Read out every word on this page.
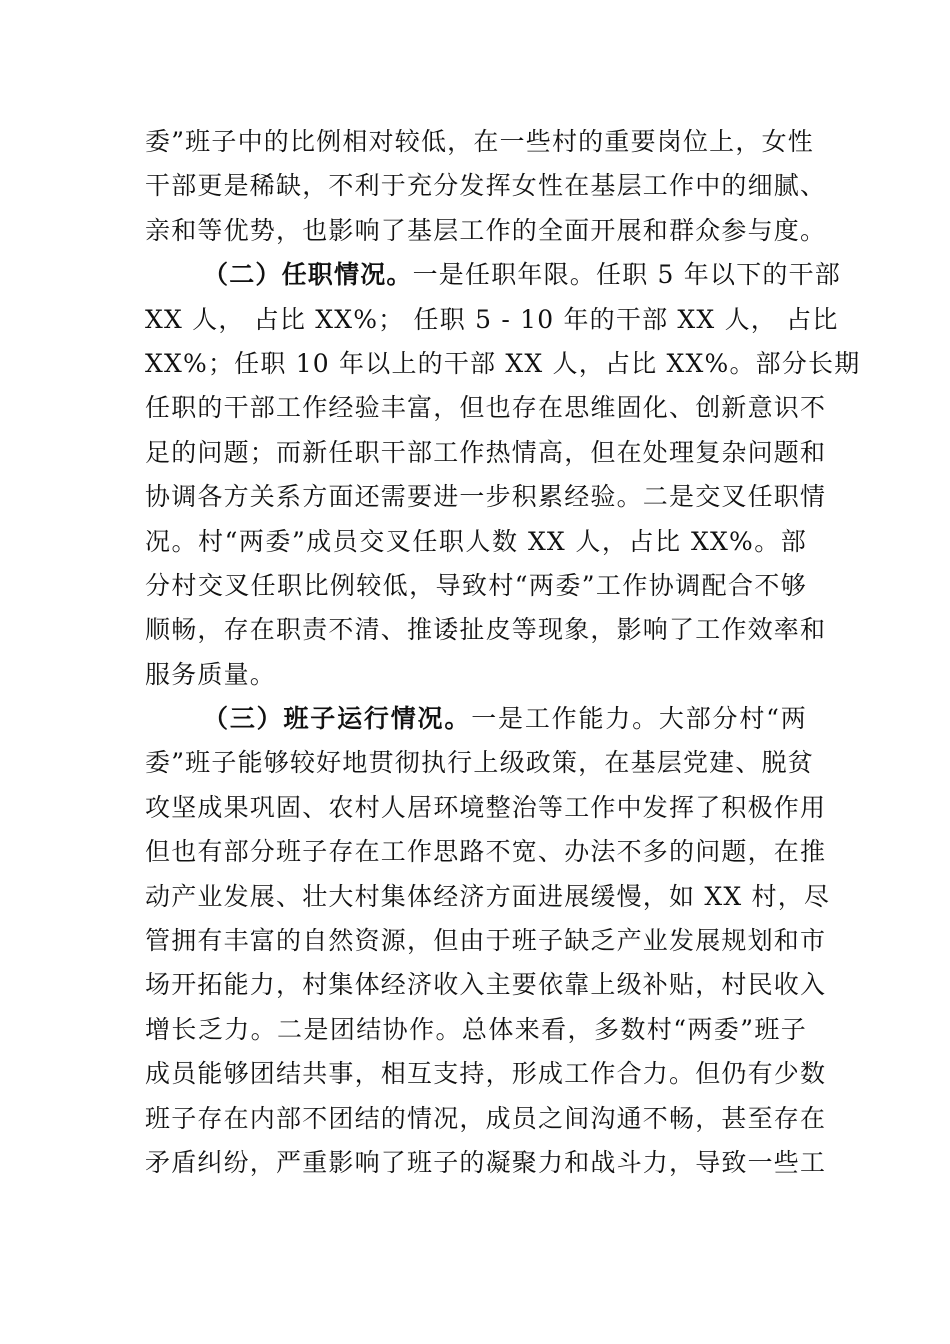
委”班子中的比例相对较低，在一些村的重要岗位上，女性
干部更是稀缺，不利于充分发挥女性在基层工作中的细腻、
亲和等优势，也影响了基层工作的全面开展和群众参与度。
（二）任职情况。一是任职年限。任职 5 年以下的干部
XX 人， 占比 XX%； 任职 5 - 10 年的干部 XX 人， 占比
XX%；任职 10 年以上的干部 XX 人，占比 XX%。部分长期
任职的干部工作经验丰富，但也存在思维固化、创新意识不
足的问题；而新任职干部工作热情高，但在处理复杂问题和
协调各方关系方面还需要进一步积累经验。二是交叉任职情
况。村“两委”成员交叉任职人数 XX 人，占比 XX%。部
分村交叉任职比例较低，导致村“两委”工作协调配合不够
顺畅，存在职责不清、推诿扯皮等现象，影响了工作效率和
服务质量。
（三）班子运行情况。一是工作能力。大部分村“两
委”班子能够较好地贯彻执行上级政策，在基层党建、脱贫
攻坚成果巩固、农村人居环境整治等工作中发挥了积极作用
但也有部分班子存在工作思路不宽、办法不多的问题，在推
动产业发展、壮大村集体经济方面进展缓慢，如 XX 村，尽
管拥有丰富的自然资源，但由于班子缺乏产业发展规划和市
场开拓能力，村集体经济收入主要依靠上级补贴，村民收入
增长乏力。二是团结协作。总体来看，多数村“两委”班子
成员能够团结共事，相互支持，形成工作合力。但仍有少数
班子存在内部不团结的情况，成员之间沟通不畅，甚至存在
矛盾纠纷，严重影响了班子的凝聚力和战斗力，导致一些工
